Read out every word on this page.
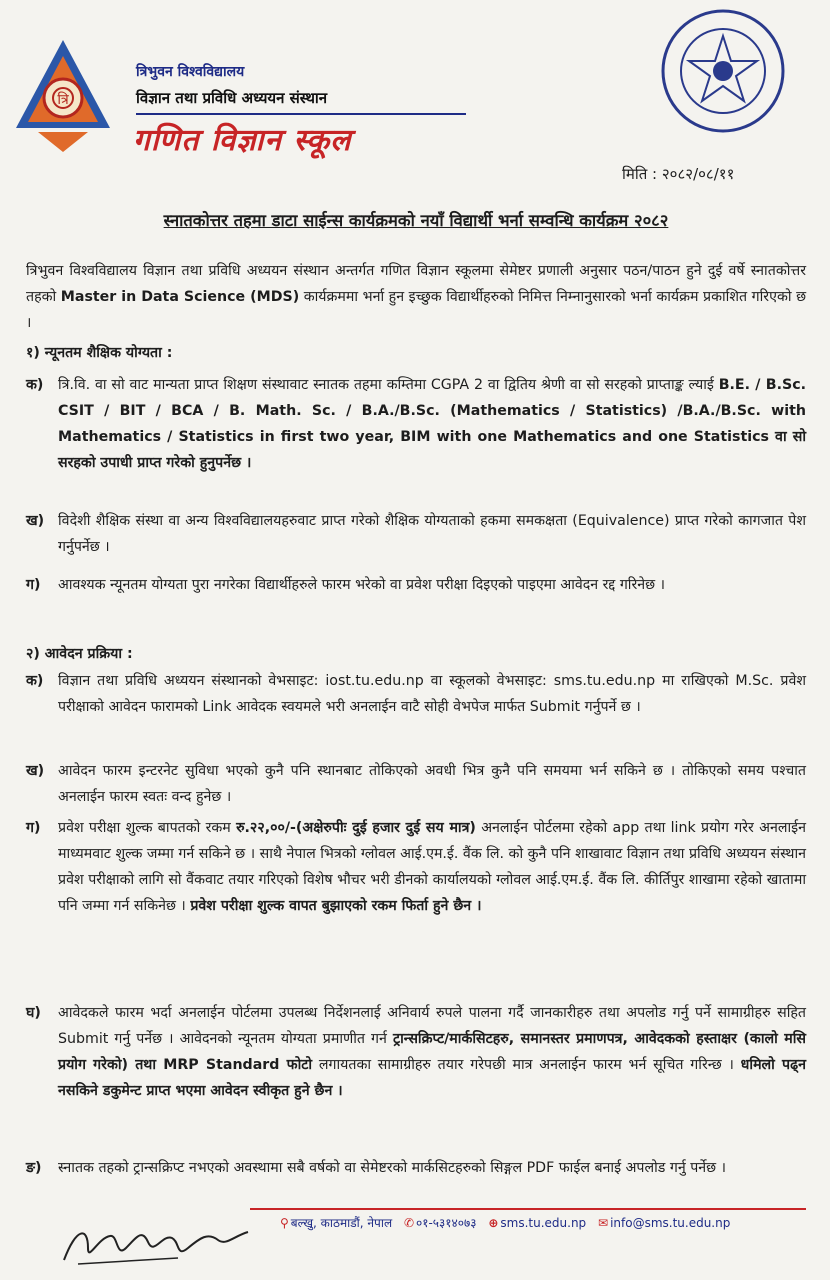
त्रि
त्रिभुवन विश्वविद्यालय
विज्ञान तथा प्रविधि अध्ययन संस्थान
गणित विज्ञान स्कूल
मिति : २०८२/०८/११
स्नातकोत्तर तहमा डाटा साईन्स कार्यक्रमको नयाँ विद्यार्थी भर्ना सम्वन्धि कार्यक्रम २०८२
त्रिभुवन विश्वविद्यालय विज्ञान तथा प्रविधि अध्ययन संस्थान अन्तर्गत गणित विज्ञान स्कूलमा सेमेष्टर प्रणाली अनुसार पठन/पाठन हुने दुई वर्षे स्नातकोत्तर तहको Master in Data Science (MDS) कार्यक्रममा भर्ना हुन इच्छुक विद्यार्थीहरुको निमित्त निम्नानुसारको भर्ना कार्यक्रम प्रकाशित गरिएको छ ।
१) न्यूनतम शैक्षिक योग्यता :
क) त्रि.वि. वा सो वाट मान्यता प्राप्त शिक्षण संस्थावाट स्नातक तहमा कम्तिमा CGPA 2 वा द्वितिय श्रेणी वा सो सरहको प्राप्ताङ्क ल्याई B.E. / B.Sc. CSIT / BIT / BCA / B. Math. Sc. / B.A./B.Sc. (Mathematics / Statistics) /B.A./B.Sc. with Mathematics / Statistics in first two year, BIM with one Mathematics and one Statistics वा सो सरहको उपाधी प्राप्त गरेको हुनुपर्नेछ ।
ख) विदेशी शैक्षिक संस्था वा अन्य विश्वविद्यालयहरुवाट प्राप्त गरेको शैक्षिक योग्यताको हकमा समकक्षता (Equivalence) प्राप्त गरेको कागजात पेश गर्नुपर्नेछ ।
ग) आवश्यक न्यूनतम योग्यता पुरा नगरेका विद्यार्थीहरुले फारम भरेको वा प्रवेश परीक्षा दिइएको पाइएमा आवेदन रद्द गरिनेछ ।
२) आवेदन प्रक्रिया :
क) विज्ञान तथा प्रविधि अध्ययन संस्थानको वेभसाइट: iost.tu.edu.np वा स्कूलको वेभसाइट: sms.tu.edu.np मा राखिएको M.Sc. प्रवेश परीक्षाको आवेदन फारामको Link आवेदक स्वयमले भरी अनलाईन वाटै सोही वेभपेज मार्फत Submit गर्नुपर्ने छ ।
ख) आवेदन फारम इन्टरनेट सुविधा भएको कुनै पनि स्थानबाट तोकिएको अवधी भित्र कुनै पनि समयमा भर्न सकिने छ । तोकिएको समय पश्चात अनलाईन फारम स्वतः वन्द हुनेछ ।
ग) प्रवेश परीक्षा शुल्क बापतको रकम रु.२२,००/-(अक्षेरुपीः दुई हजार दुई सय मात्र) अनलाईन पोर्टलमा रहेको app तथा link प्रयोग गरेर अनलाईन माध्यमवाट शुल्क जम्मा गर्न सकिने छ । साथै नेपाल भित्रको ग्लोवल आई.एम.ई. वैंक लि. को कुनै पनि शाखावाट विज्ञान तथा प्रविधि अध्ययन संस्थान प्रवेश परीक्षाको लागि सो वैंकवाट तयार गरिएको विशेष भौचर भरी डीनको कार्यालयको ग्लोवल आई.एम.ई. वैंक लि. कीर्तिपुर शाखामा रहेको खातामा पनि जम्मा गर्न सकिनेछ । प्रवेश परीक्षा शुल्क वापत बुझाएको रकम फिर्ता हुने छैन ।
घ) आवेदकले फारम भर्दा अनलाईन पोर्टलमा उपलब्ध निर्देशनलाई अनिवार्य रुपले पालना गर्दै जानकारीहरु तथा अपलोड गर्नु पर्ने सामाग्रीहरु सहित Submit गर्नु पर्नेछ । आवेदनको न्यूनतम योग्यता प्रमाणीत गर्न ट्रान्सक्रिप्ट/मार्कसिटहरु, समानस्तर प्रमाणपत्र, आवेदकको हस्ताक्षर (कालो मसि प्रयोग गरेको) तथा MRP Standard फोटो लगायतका सामाग्रीहरु तयार गरेपछी मात्र अनलाईन फारम भर्न सूचित गरिन्छ । धमिलो पढ्न नसकिने डकुमेन्ट प्राप्त भएमा आवेदन स्वीकृत हुने छैन ।
ङ) स्नातक तहको ट्रान्सक्रिप्ट नभएको अवस्थामा सबै वर्षको वा सेमेष्टरको मार्कसिटहरुको सिङ्गल PDF फाईल बनाई अपलोड गर्नु पर्नेछ ।
⚲ बल्खु, काठमाडौं, नेपाल ✆ ०१-५३१४०७३ ⊕ sms.tu.edu.np ✉ info@sms.tu.edu.np
